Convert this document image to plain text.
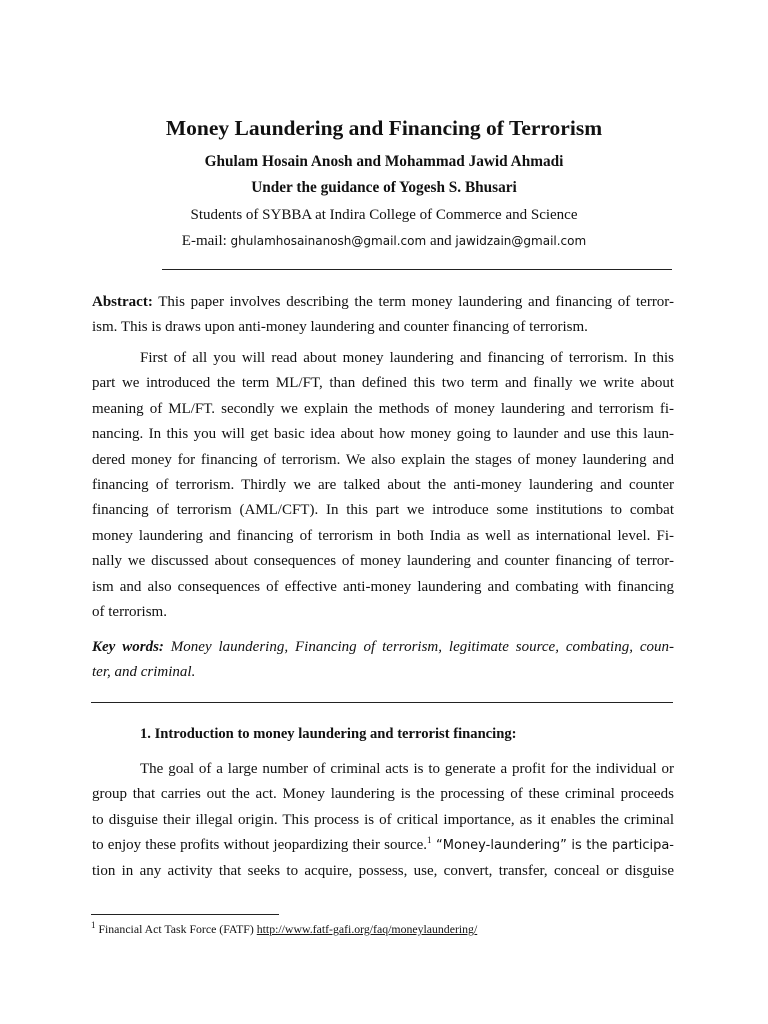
Money Laundering and Financing of Terrorism
Ghulam Hosain Anosh and Mohammad Jawid Ahmadi
Under the guidance of Yogesh S. Bhusari
Students of SYBBA at Indira College of Commerce and Science
E-mail: ghulamhosainanosh@gmail.com and jawidzain@gmail.com
Abstract: This paper involves describing the term money laundering and financing of terror-
ism. This is draws upon anti-money laundering and counter financing of terrorism.
First of all you will read about money laundering and financing of terrorism. In this
part we introduced the term ML/FT, than defined this two term and finally we write about
meaning of ML/FT. secondly we explain the methods of money laundering and terrorism fi-
nancing. In this you will get basic idea about how money going to launder and use this laun-
dered money for financing of terrorism. We also explain the stages of money laundering and
financing of terrorism. Thirdly we are talked about the anti-money laundering and counter
financing of terrorism (AML/CFT). In this part we introduce some institutions to combat
money laundering and financing of terrorism in both India as well as international level. Fi-
nally we discussed about consequences of money laundering and counter financing of terror-
ism and also consequences of effective anti-money laundering and combating with financing
of terrorism.
Key words: Money laundering, Financing of terrorism, legitimate source, combating, coun-
ter, and criminal.
1. Introduction to money laundering and terrorist financing:
The goal of a large number of criminal acts is to generate a profit for the individual or
group that carries out the act. Money laundering is the processing of these criminal proceeds
to disguise their illegal origin. This process is of critical importance, as it enables the criminal
to enjoy these profits without jeopardizing their source.$^1$ “Money-laundering” is the participa-
tion in any activity that seeks to acquire, possess, use, convert, transfer, conceal or disguise
$^1$ Financial Act Task Force (FATF) http://www.fatf-gafi.org/faq/moneylaundering/
